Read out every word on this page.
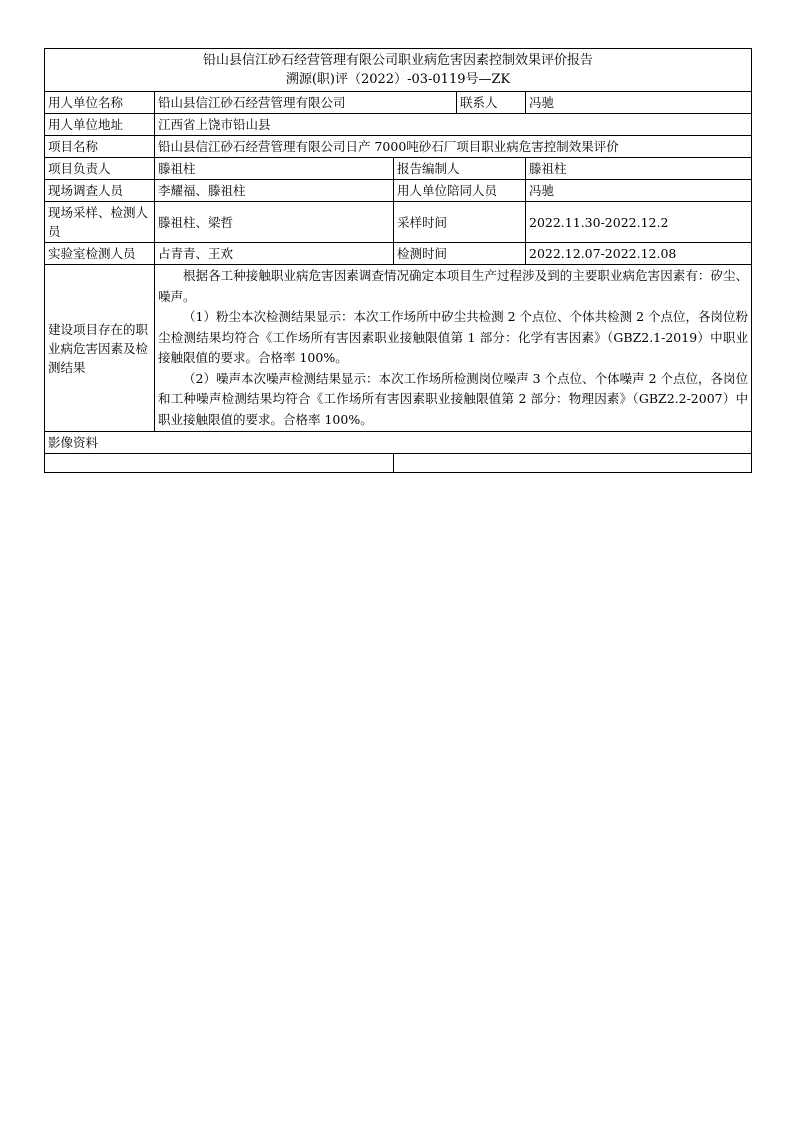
铅山县信江砂石经营管理有限公司职业病危害因素控制效果评价报告
溯源(职)评（2022）-03-0119号—ZK				

用人单位名称	铅山县信江砂石经营管理有限公司		联系人	冯驰
用人单位地址	江西省上饶市铅山县			
项目名称	铅山县信江砂石经营管理有限公司日产 7000吨砂石厂项目职业病危害控制效果评价			
项目负责人	滕祖柱	报告编制人		滕祖柱
现场调查人员	李耀福、滕祖柱	用人单位陪同人员		冯驰
现场采样、检测人员	滕祖柱、梁哲	采样时间		2022.11.30-2022.12.2
实验室检测人员	占青青、王欢	检测时间		2022.12.07-2022.12.08
建设项目存在的职业病危害因素及检测结果	根据各工种接触职业病危害因素调查情况确定本项目生产过程涉及到的主要职业病危害因素有：矽尘、噪声。

（1）粉尘本次检测结果显示：本次工作场所中矽尘共检测 2 个点位、个体共检测 2 个点位，各岗位粉尘检测结果均符合《工作场所有害因素职业接触限值第 1 部分：化学有害因素》（GBZ2.1-2019）中职业接触限值的要求。合格率 100%。

（2）噪声本次噪声检测结果显示：本次工作场所检测岗位噪声 3 个点位、个体噪声 2 个点位，各岗位和工种噪声检测结果均符合《工作场所有害因素职业接触限值第 2 部分：物理因素》（GBZ2.2-2007）中职业接触限值的要求。合格率 100%。			

影像资料				
